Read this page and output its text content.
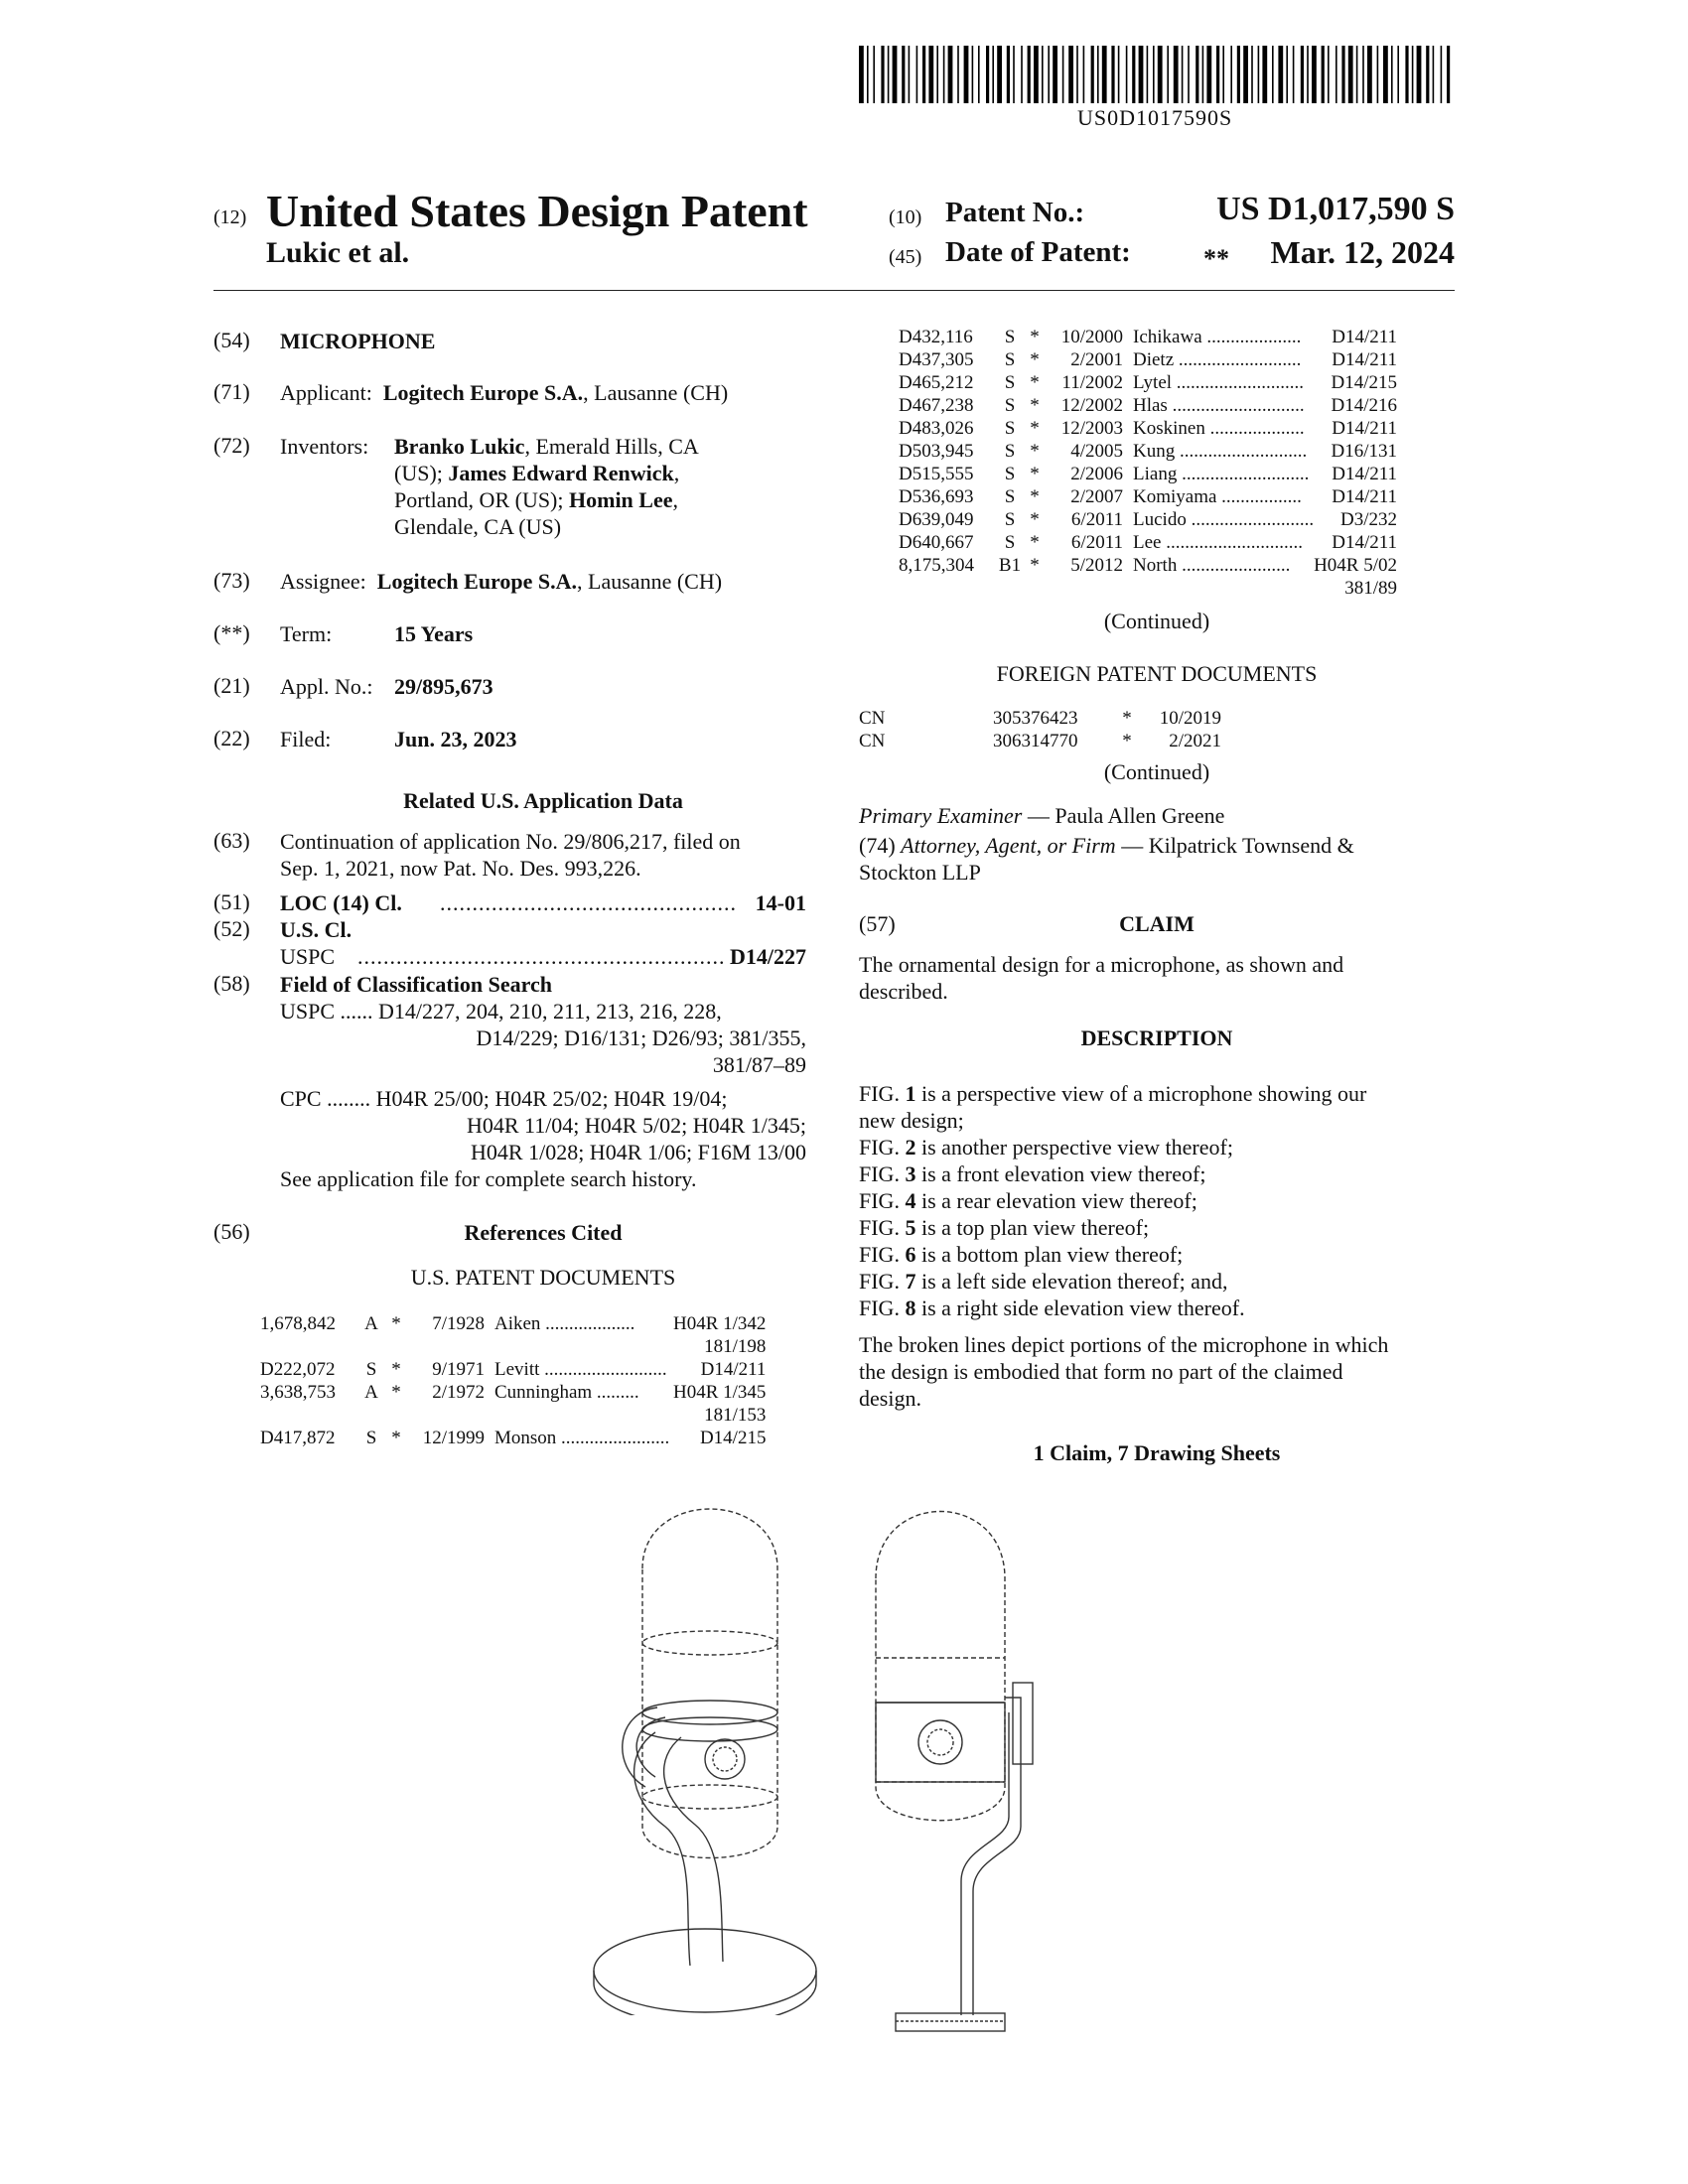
US0D1017590S
(12) United States Design Patent
Lukic et al.
(10) Patent No.:	US D1,017,590 S
(45) Date of Patent:	**	Mar. 12, 2024
(54) MICROPHONE
(71) Applicant: Logitech Europe S.A., Lausanne (CH)
(72) Inventors: Branko Lukic, Emerald Hills, CA
(US); James Edward Renwick,
Portland, OR (US); Homin Lee,
Glendale, CA (US)
(73) Assignee: Logitech Europe S.A., Lausanne (CH)
(**) Term:	15 Years
(21) Appl. No.: 29/895,673
(22) Filed:	Jun. 23, 2023
Related U.S. Application Data
(63) Continuation of application No. 29/806,217, filed on
Sep. 1, 2021, now Pat. No. Des. 993,226.
(51) LOC (14) Cl. .............................................. 14-01
(52) U.S. Cl.
USPC ......................................................... D14/227
(58) Field of Classification Search
USPC ...... D14/227, 204, 210, 211, 213, 216, 228,
D14/229; D16/131; D26/93; 381/355,
381/87–89
CPC ........ H04R 25/00; H04R 25/02; H04R 19/04;
H04R 11/04; H04R 5/02; H04R 1/345;
H04R 1/028; H04R 1/06; F16M 13/00
See application file for complete search history.
(56)	References Cited
U.S. PATENT DOCUMENTS
1,678,842	A	*	7/1928	Aiken ...................	H04R 1/342
181/198					
D222,072	S	*	9/1971	Levitt ..........................	D14/211
3,638,753	A	*	2/1972	Cunningham .........	H04R 1/345
181/153					
D417,872	S	*	12/1999	Monson .......................	D14/215
D432,116	S	*	10/2000	Ichikawa ....................	D14/211
D437,305	S	*	2/2001	Dietz ..........................	D14/211
D465,212	S	*	11/2002	Lytel ...........................	D14/215
D467,238	S	*	12/2002	Hlas ............................	D14/216
D483,026	S	*	12/2003	Koskinen ....................	D14/211
D503,945	S	*	4/2005	Kung ...........................	D16/131
D515,555	S	*	2/2006	Liang ...........................	D14/211
D536,693	S	*	2/2007	Komiyama .................	D14/211
D639,049	S	*	6/2011	Lucido ..........................	D3/232
D640,667	S	*	6/2011	Lee .............................	D14/211
8,175,304	B1	*	5/2012	North .......................	H04R 5/02
381/89					
(Continued)
FOREIGN PATENT DOCUMENTS
CN	305376423	*	10/2019
CN	306314770	*	2/2021
(Continued)
Primary Examiner — Paula Allen Greene
(74) Attorney, Agent, or Firm — Kilpatrick Townsend &
Stockton LLP
(57)	CLAIM
The ornamental design for a microphone, as shown and
described.
DESCRIPTION
FIG. 1 is a perspective view of a microphone showing our
new design;
FIG. 2 is another perspective view thereof;
FIG. 3 is a front elevation view thereof;
FIG. 4 is a rear elevation view thereof;
FIG. 5 is a top plan view thereof;
FIG. 6 is a bottom plan view thereof;
FIG. 7 is a left side elevation thereof; and,
FIG. 8 is a right side elevation view thereof.
The broken lines depict portions of the microphone in which
the design is embodied that form no part of the claimed
design.
1 Claim, 7 Drawing Sheets
